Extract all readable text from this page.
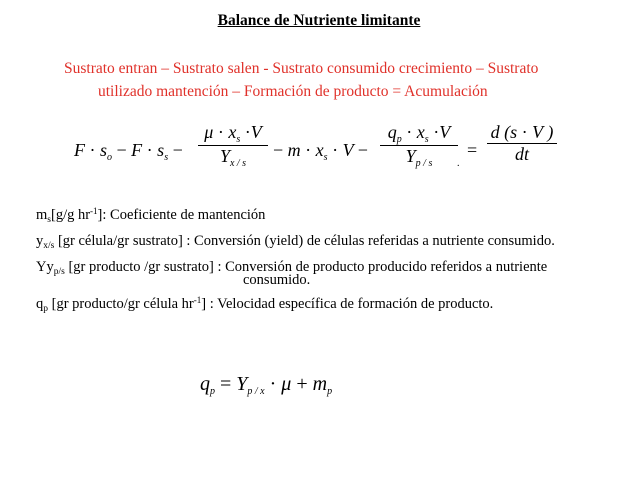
Balance de Nutriente limitante
Sustrato entran – Sustrato salen - Sustrato consumido crecimiento – Sustrato
utilizado mantención – Formación de producto = Acumulación
$F \cdot s_o - F \cdot s_s$ −
$\mu \cdot x_s \cdot V$
$Y_{x / s}$
− $m \cdot x_s \cdot V$ −
$q_p \cdot x_s \cdot V$
$Y_{p / s}$	.
=
d (s · V )
dt
$m_s[g/g$ $hr^{-1}$]: Coeficiente de mantención
$y_{x/s}$ [gr célula/gr sustrato] : Conversión (yield) de células referidas a nutriente consumido.
$Yy_{p/s}$ [gr producto /gr sustrato] : Conversión de producto producido referidos a nutriente
consumido.
$q_p$ [gr producto/gr célula $hr^{-1}$] : Velocidad específica de formación de producto.
$q_p = Y_{p / x} \cdot \mu + m_p$
